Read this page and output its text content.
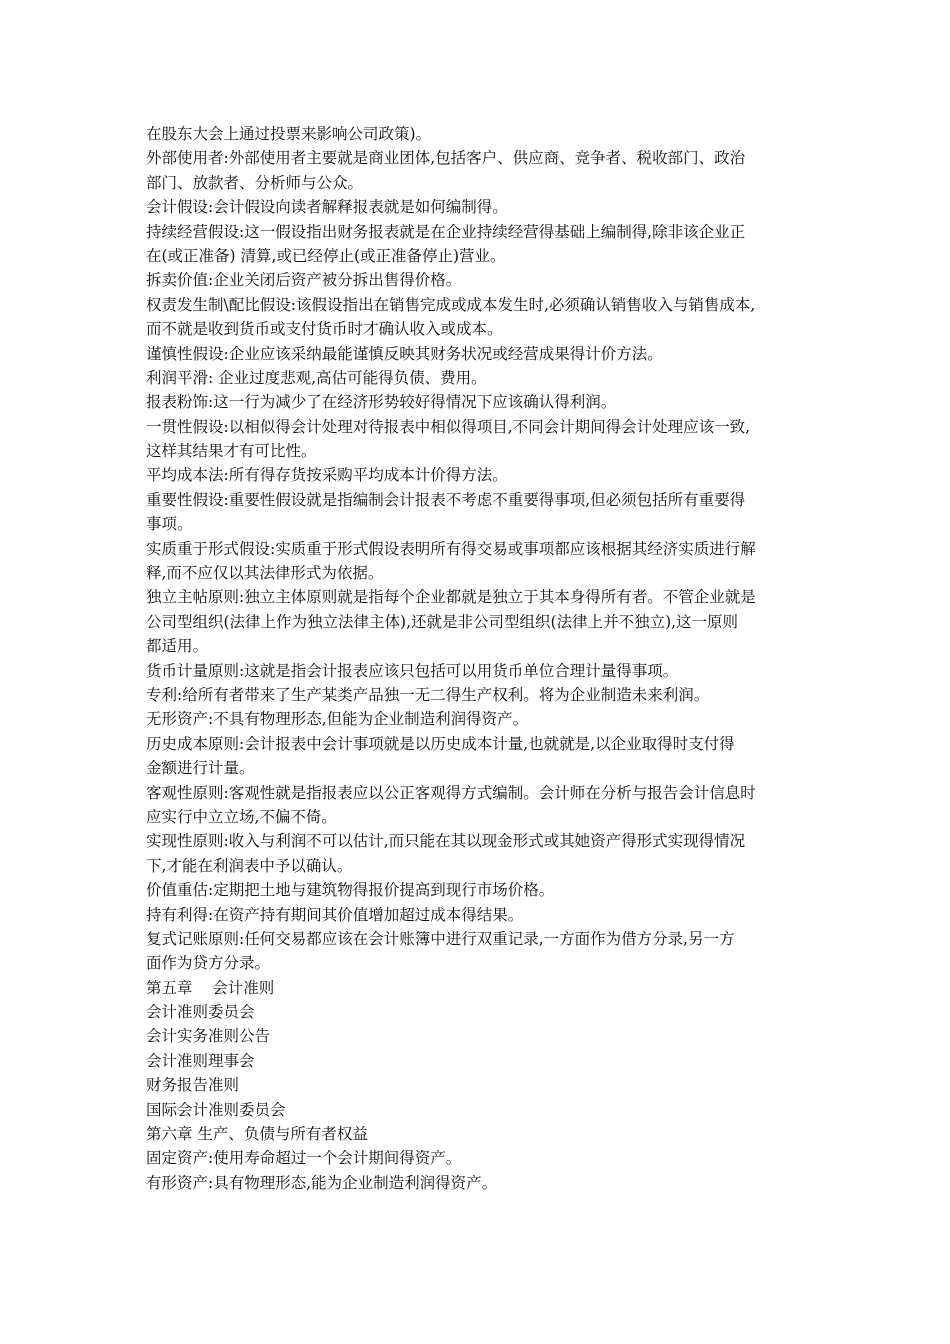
在股东大会上通过投票来影响公司政策)。
外部使用者:外部使用者主要就是商业团体,包括客户、供应商、竞争者、税收部门、政治
部门、放款者、分析师与公众。
会计假设:会计假设向读者解释报表就是如何编制得。
持续经营假设:这一假设指出财务报表就是在企业持续经营得基础上编制得,除非该企业正
在(或正准备) 清算,或已经停止(或正准备停止)营业。
拆卖价值:企业关闭后资产被分拆出售得价格。
权责发生制\配比假设:该假设指出在销售完成或成本发生时,必须确认销售收入与销售成本,
而不就是收到货币或支付货币时才确认收入或成本。
谨慎性假设:企业应该采纳最能谨慎反映其财务状况或经营成果得计价方法。
利润平滑: 企业过度悲观,高估可能得负债、费用。
报表粉饰:这一行为减少了在经济形势较好得情况下应该确认得利润。
一贯性假设:以相似得会计处理对待报表中相似得项目,不同会计期间得会计处理应该一致,
这样其结果才有可比性。
平均成本法:所有得存货按采购平均成本计价得方法。
重要性假设:重要性假设就是指编制会计报表不考虑不重要得事项,但必须包括所有重要得
事项。
实质重于形式假设:实质重于形式假设表明所有得交易或事项都应该根据其经济实质进行解
释,而不应仅以其法律形式为依据。
独立主帖原则:独立主体原则就是指每个企业都就是独立于其本身得所有者。不管企业就是
公司型组织(法律上作为独立法律主体),还就是非公司型组织(法律上并不独立),这一原则
都适用。
货币计量原则:这就是指会计报表应该只包括可以用货币单位合理计量得事项。
专利:给所有者带来了生产某类产品独一无二得生产权利。将为企业制造未来利润。
无形资产:不具有物理形态,但能为企业制造利润得资产。
历史成本原则:会计报表中会计事项就是以历史成本计量,也就就是,以企业取得时支付得
金额进行计量。
客观性原则:客观性就是指报表应以公正客观得方式编制。会计师在分析与报告会计信息时
应实行中立立场,不偏不倚。
实现性原则:收入与利润不可以估计,而只能在其以现金形式或其她资产得形式实现得情况
下,才能在利润表中予以确认。
价值重估:定期把土地与建筑物得报价提高到现行市场价格。
持有利得:在资产持有期间其价值增加超过成本得结果。
复式记账原则:任何交易都应该在会计账簿中进行双重记录,一方面作为借方分录,另一方
面作为贷方分录。
第五章    会计准则
会计准则委员会
会计实务准则公告
会计准则理事会
财务报告准则
国际会计准则委员会
第六章 生产、负债与所有者权益
固定资产:使用寿命超过一个会计期间得资产。
有形资产:具有物理形态,能为企业制造利润得资产。
